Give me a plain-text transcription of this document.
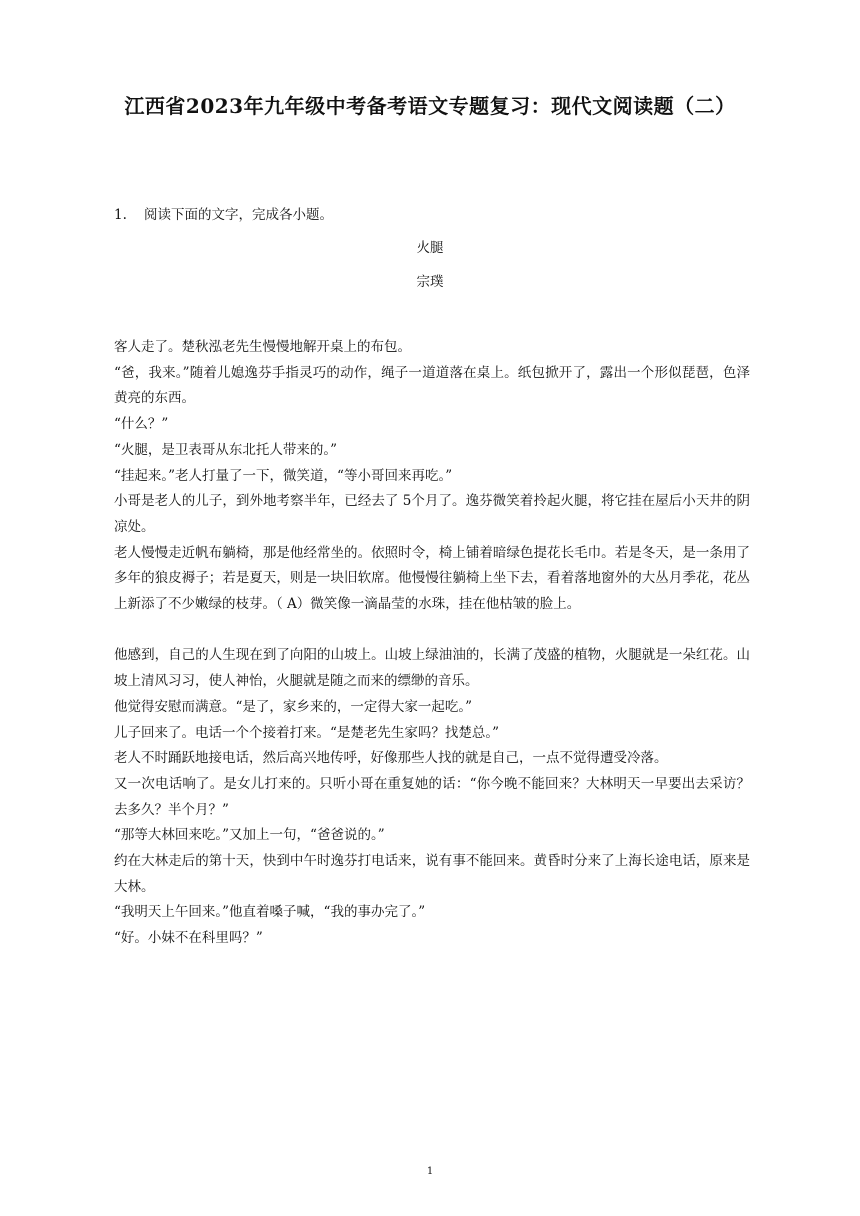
江西省2023年九年级中考备考语文专题复习：现代文阅读题（二）
1. 阅读下面的文字，完成各小题。
火腿
宗璞

客人走了。楚秋泓老先生慢慢地解开桌上的布包。

“爸，我来。”随着儿媳逸芬手指灵巧的动作，绳子一道道落在桌上。纸包掀开了，露出一个形似琵琶，色泽黄亮的东西。

“什么？”

“火腿，是卫表哥从东北托人带来的。”

“挂起来。”老人打量了一下，微笑道，“等小哥回来再吃。”

小哥是老人的儿子，到外地考察半年，已经去了 5个月了。逸芬微笑着拎起火腿，将它挂在屋后小天井的阴凉处。

老人慢慢走近帆布躺椅，那是他经常坐的。依照时令，椅上铺着暗绿色提花长毛巾。若是冬天，是一条用了多年的狼皮褥子；若是夏天，则是一块旧软席。他慢慢往躺椅上坐下去，看着落地窗外的大丛月季花，花丛上新添了不少嫩绿的枝芽。（ A）微笑像一滴晶莹的水珠，挂在他枯皱的脸上。

他感到，自己的人生现在到了向阳的山坡上。山坡上绿油油的，长满了茂盛的植物，火腿就是一朵红花。山坡上清风习习，使人神怡，火腿就是随之而来的缥缈的音乐。

他觉得安慰而满意。“是了，家乡来的，一定得大家一起吃。”

儿子回来了。电话一个个接着打来。“是楚老先生家吗？找楚总。”

老人不时踊跃地接电话，然后高兴地传呼，好像那些人找的就是自己，一点不觉得遭受冷落。

又一次电话响了。是女儿打来的。只听小哥在重复她的话：“你今晚不能回来？大林明天一早要出去采访？去多久？半个月？”

“那等大林回来吃。”又加上一句，“爸爸说的。”

约在大林走后的第十天，快到中午时逸芬打电话来，说有事不能回来。黄昏时分来了上海长途电话，原来是大林。

“我明天上午回来。”他直着嗓子喊，“我的事办完了。”

“好。小妹不在科里吗？”

1
